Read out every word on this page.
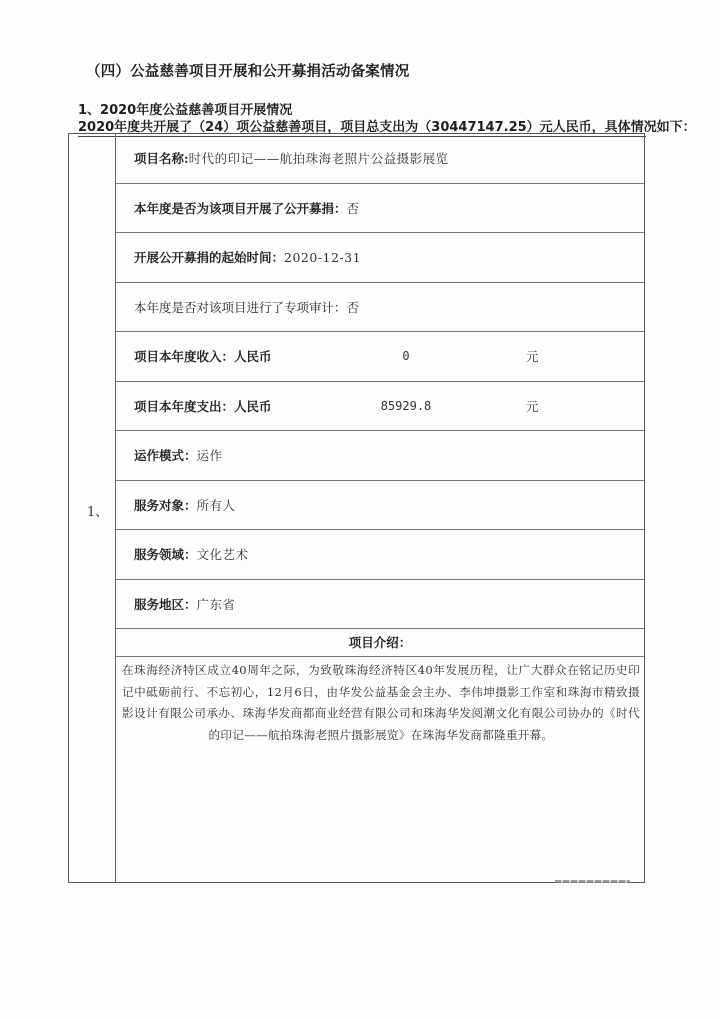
（四）公益慈善项目开展和公开募捐活动备案情况
1、2020年度公益慈善项目开展情况
2020年度共开展了（24）项公益慈善项目，项目总支出为（30447147.25）元人民币，具体情况如下：
1、
项目名称: 时代的印记——航拍珠海老照片公益摄影展览
本年度是否为该项目开展了公开募捐： 否
开展公开募捐的起始时间： 2020-12-31
本年度是否对该项目进行了专项审计： 否
项目本年度收入：人民币	0	元
项目本年度支出：人民币	85929.8	元
运作模式： 运作
服务对象： 所有人
服务领域： 文化艺术
服务地区： 广东省
项目介绍：
在珠海经济特区成立40周年之际，为致敬珠海经济特区40年发展历程，让广大群众在铭记历史印记中砥砺前行、不忘初心，12月6日，由华发公益基金会主办、李伟坤摄影工作室和珠海市精致摄影设计有限公司承办、珠海华发商都商业经营有限公司和珠海华发阅潮文化有限公司协办的《时代的印记——航拍珠海老照片摄影展览》在珠海华发商都隆重开幕。
